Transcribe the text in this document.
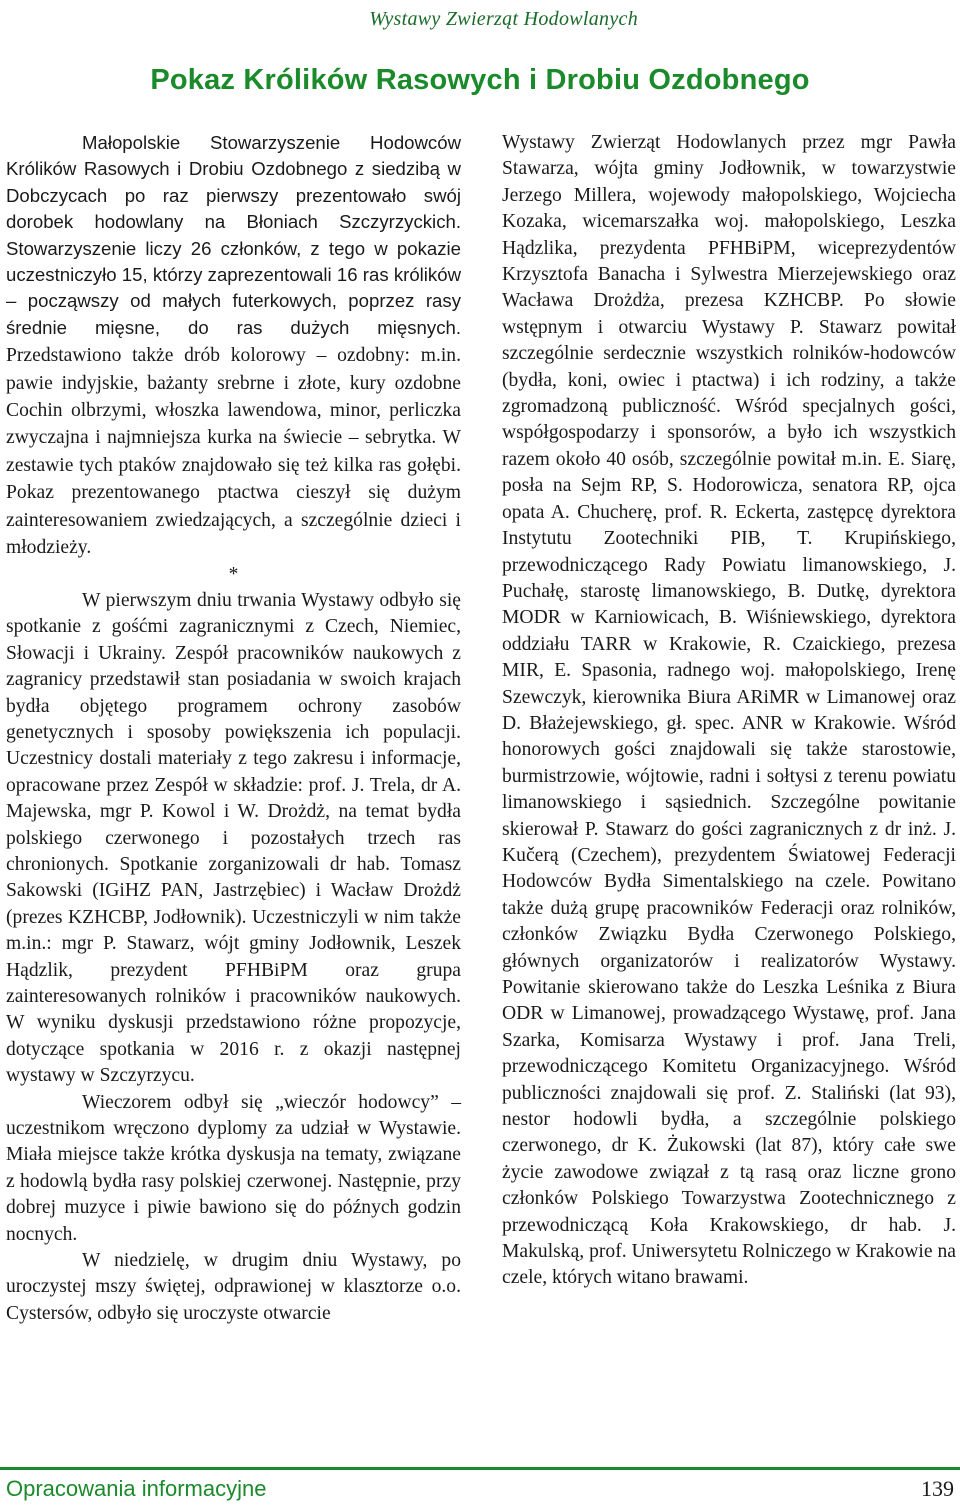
Wystawy Zwierząt Hodowlanych
Pokaz Królików Rasowych i Drobiu Ozdobnego

Małopolskie Stowarzyszenie Hodowców Królików Rasowych i Drobiu Ozdobnego z siedzibą w Dobczycach po raz pierwszy prezentowało swój dorobek hodowlany na Błoniach Szczyrzyckich. Stowarzyszenie liczy 26 członków, z tego w pokazie uczestniczyło 15, którzy zaprezentowali 16 ras królików – począwszy od małych futerkowych, poprzez rasy średnie mięsne, do ras dużych mięsnych. Przedstawiono także drób kolorowy – ozdobny: m.in. pawie indyjskie, bażanty srebrne i złote, kury ozdobne Cochin olbrzymi, włoszka lawendowa, minor, perliczka zwyczajna i najmniejsza kurka na świecie – sebrytka. W zestawie tych ptaków znajdowało się też kilka ras gołębi. Pokaz prezentowanego ptactwa cieszył się dużym zainteresowaniem zwiedzających, a szczególnie dzieci i młodzieży.

*

W pierwszym dniu trwania Wystawy odbyło się spotkanie z gośćmi zagranicznymi z Czech, Niemiec, Słowacji i Ukrainy. Zespół pracowników naukowych z zagranicy przedstawił stan posiadania w swoich krajach bydła objętego programem ochrony zasobów genetycznych i sposoby powiększenia ich populacji. Uczestnicy dostali materiały z tego zakresu i informacje, opracowane przez Zespół w składzie: prof. J. Trela, dr A. Majewska, mgr P. Kowol i W. Drożdż, na temat bydła polskiego czerwonego i pozostałych trzech ras chronionych. Spotkanie zorganizowali dr hab. Tomasz Sakowski (IGiHZ PAN, Jastrzębiec) i Wacław Drożdż (prezes KZHCBP, Jodłownik). Uczestniczyli w nim także m.in.: mgr P. Stawarz, wójt gminy Jodłownik, Leszek Hądzlik, prezydent PFHBiPM oraz grupa zainteresowanych rolników i pracowników naukowych. W wyniku dyskusji przedstawiono różne propozycje, dotyczące spotkania w 2016 r. z okazji następnej wystawy w Szczyrzycu.

Wieczorem odbył się „wieczór hodowcy” – uczestnikom wręczono dyplomy za udział w Wystawie. Miała miejsce także krótka dyskusja na tematy, związane z hodowlą bydła rasy polskiej czerwonej. Następnie, przy dobrej muzyce i piwie bawiono się do późnych godzin nocnych.

W niedzielę, w drugim dniu Wystawy, po uroczystej mszy świętej, odprawionej w klasztorze o.o. Cystersów, odbyło się uroczyste otwarcie

Wystawy Zwierząt Hodowlanych przez mgr Pawła Stawarza, wójta gminy Jodłownik, w towarzystwie Jerzego Millera, wojewody małopolskiego, Wojciecha Kozaka, wicemarszałka woj. małopolskiego, Leszka Hądzlika, prezydenta PFHBiPM, wiceprezydentów Krzysztofa Banacha i Sylwestra Mierzejewskiego oraz Wacława Drożdża, prezesa KZHCBP. Po słowie wstępnym i otwarciu Wystawy P. Stawarz powitał szczególnie serdecznie wszystkich rolników-hodowców (bydła, koni, owiec i ptactwa) i ich rodziny, a także zgromadzoną publiczność. Wśród specjalnych gości, współgospodarzy i sponsorów, a było ich wszystkich razem około 40 osób, szczególnie powitał m.in. E. Siarę, posła na Sejm RP, S. Hodorowicza, senatora RP, ojca opata A. Chucherę, prof. R. Eckerta, zastępcę dyrektora Instytutu Zootechniki PIB, T. Krupińskiego, przewodniczącego Rady Powiatu limanowskiego, J. Puchałę, starostę limanowskiego, B. Dutkę, dyrektora MODR w Karniowicach, B. Wiśniewskiego, dyrektora oddziału TARR w Krakowie, R. Czaickiego, prezesa MIR, E. Spasonia, radnego woj. małopolskiego, Irenę Szewczyk, kierownika Biura ARiMR w Limanowej oraz D. Błażejewskiego, gł. spec. ANR w Krakowie. Wśród honorowych gości znajdowali się także starostowie, burmistrzowie, wójtowie, radni i sołtysi z terenu powiatu limanowskiego i sąsiednich. Szczególne powitanie skierował P. Stawarz do gości zagranicznych z dr inż. J. Kučerą (Czechem), prezydentem Światowej Federacji Hodowców Bydła Simentalskiego na czele. Powitano także dużą grupę pracowników Federacji oraz rolników, członków Związku Bydła Czerwonego Polskiego, głównych organizatorów i realizatorów Wystawy. Powitanie skierowano także do Leszka Leśnika z Biura ODR w Limanowej, prowadzącego Wystawę, prof. Jana Szarka, Komisarza Wystawy i prof. Jana Treli, przewodniczącego Komitetu Organizacyjnego. Wśród publiczności znajdowali się prof. Z. Staliński (lat 93), nestor hodowli bydła, a szczególnie polskiego czerwonego, dr K. Żukowski (lat 87), który całe swe życie zawodowe związał z tą rasą oraz liczne grono członków Polskiego Towarzystwa Zootechnicznego z przewodniczącą Koła Krakowskiego, dr hab. J. Makulską, prof. Uniwersytetu Rolniczego w Krakowie na czele, których witano brawami.

Opracowania informacyjne	139
